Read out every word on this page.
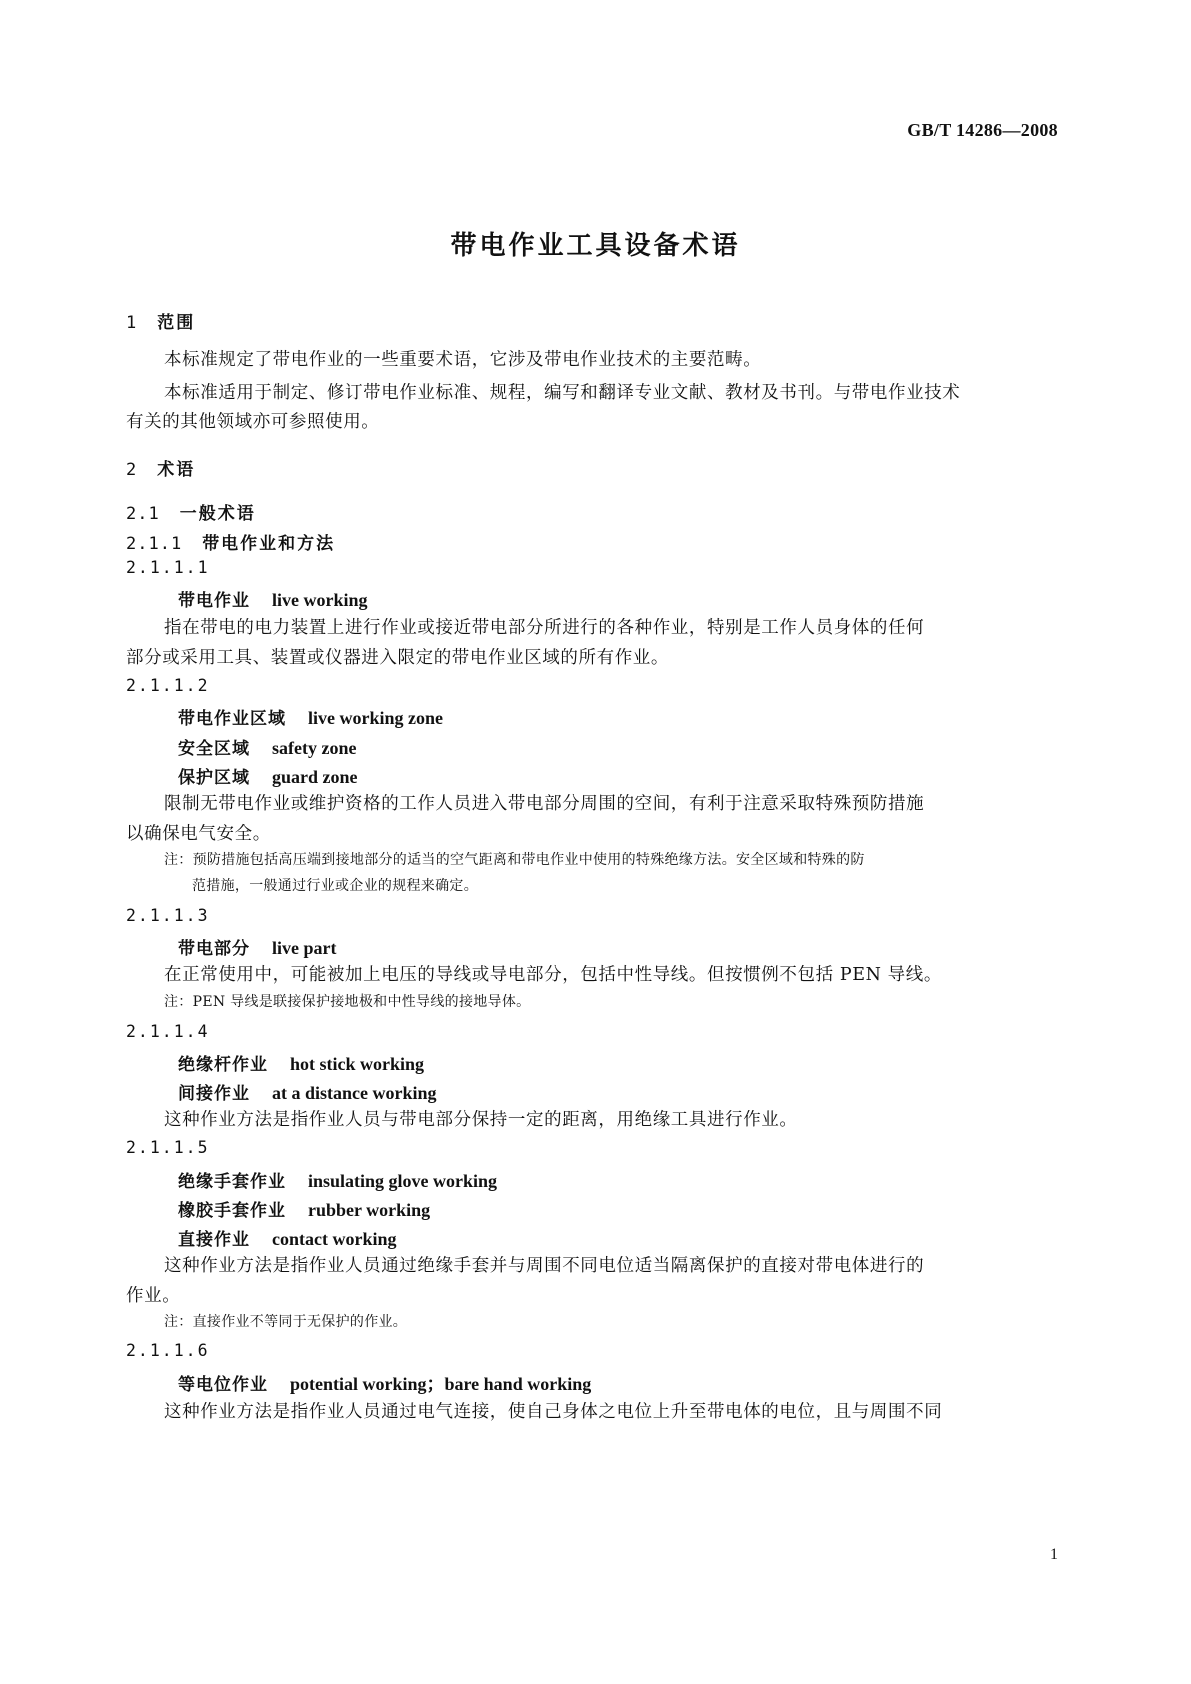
GB/T 14286—2008
带电作业工具设备术语
1 范围
本标准规定了带电作业的一些重要术语，它涉及带电作业技术的主要范畴。
本标准适用于制定、修订带电作业标准、规程，编写和翻译专业文献、教材及书刊。与带电作业技术
有关的其他领域亦可参照使用。
2 术语
2.1 一般术语
2.1.1 带电作业和方法
2.1.1.1
带电作业 live working
指在带电的电力装置上进行作业或接近带电部分所进行的各种作业，特别是工作人员身体的任何
部分或采用工具、装置或仪器进入限定的带电作业区域的所有作业。
2.1.1.2
带电作业区域 live working zone
安全区域 safety zone
保护区域 guard zone
限制无带电作业或维护资格的工作人员进入带电部分周围的空间，有利于注意采取特殊预防措施
以确保电气安全。
注：预防措施包括高压端到接地部分的适当的空气距离和带电作业中使用的特殊绝缘方法。安全区域和特殊的防
范措施，一般通过行业或企业的规程来确定。
2.1.1.3
带电部分 live part
在正常使用中，可能被加上电压的导线或导电部分，包括中性导线。但按惯例不包括 PEN 导线。
注：PEN 导线是联接保护接地极和中性导线的接地导体。
2.1.1.4
绝缘杆作业 hot stick working
间接作业 at a distance working
这种作业方法是指作业人员与带电部分保持一定的距离，用绝缘工具进行作业。
2.1.1.5
绝缘手套作业 insulating glove working
橡胶手套作业 rubber working
直接作业 contact working
这种作业方法是指作业人员通过绝缘手套并与周围不同电位适当隔离保护的直接对带电体进行的
作业。
注：直接作业不等同于无保护的作业。
2.1.1.6
等电位作业 potential working；bare hand working
这种作业方法是指作业人员通过电气连接，使自己身体之电位上升至带电体的电位，且与周围不同
1
